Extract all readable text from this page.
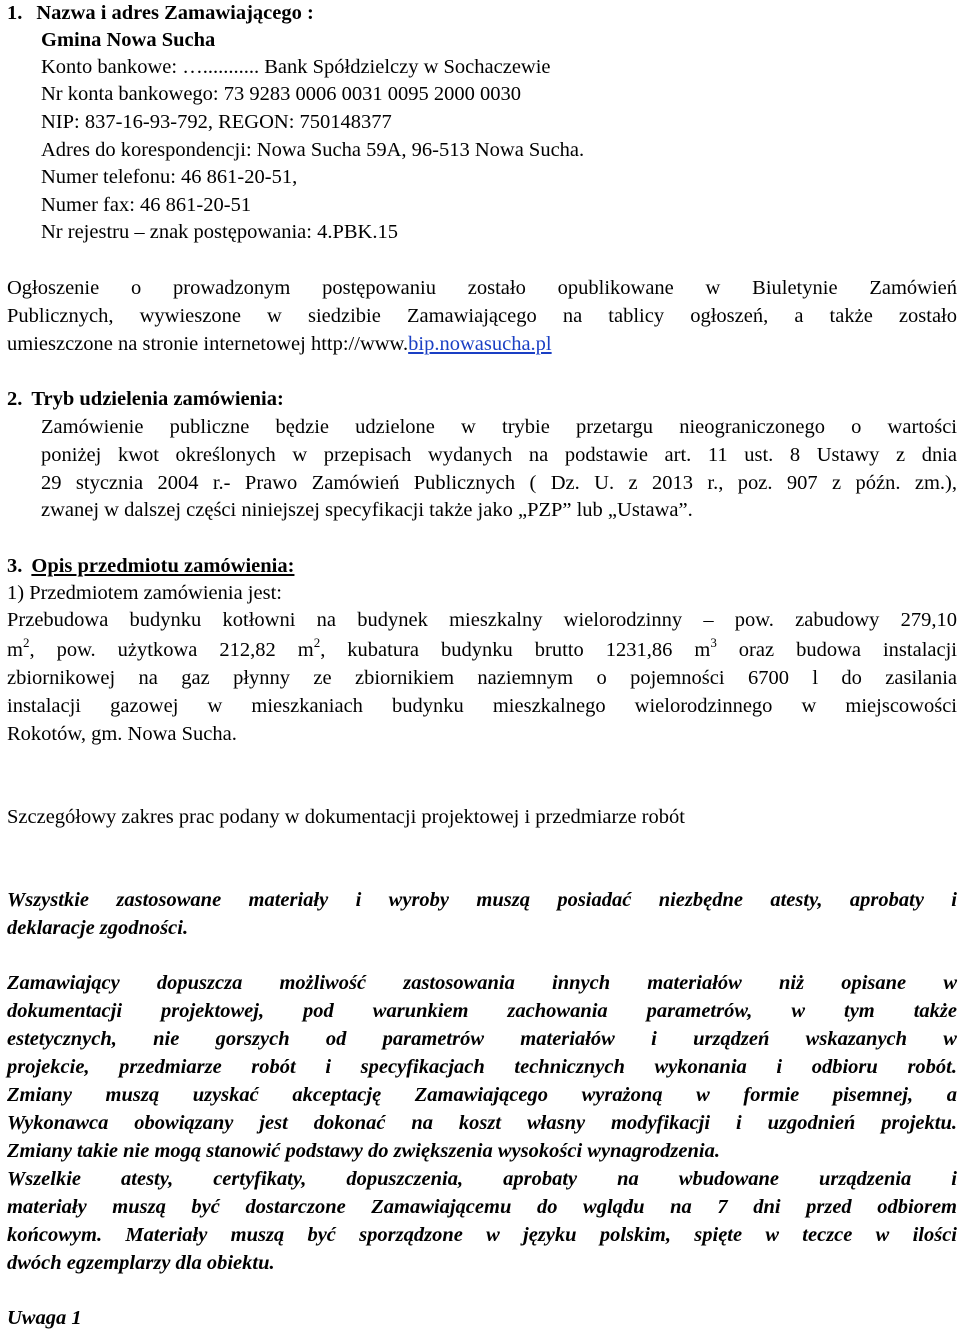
1. Nazwa i adres Zamawiającego :
Gmina Nowa Sucha
Konto bankowe: …........... Bank Spółdzielczy w Sochaczewie
Nr konta bankowego: 73 9283 0006 0031 0095 2000 0030
NIP: 837-16-93-792, REGON: 750148377
Adres do korespondencji: Nowa Sucha 59A, 96-513 Nowa Sucha.
Numer telefonu: 46 861-20-51,
Numer fax: 46 861-20-51
Nr rejestru – znak postępowania: 4.PBK.15
Ogłoszenie o prowadzonym postępowaniu zostało opublikowane w Biuletynie Zamówień
Publicznych, wywieszone w siedzibie Zamawiającego na tablicy ogłoszeń, a także zostało
umieszczone na stronie internetowej http://www.bip.nowasucha.pl
2. Tryb udzielenia zamówienia:
Zamówienie publiczne będzie udzielone w trybie przetargu nieograniczonego o wartości
poniżej kwot określonych w przepisach wydanych na podstawie art. 11 ust. 8 Ustawy z dnia
29 stycznia 2004 r.- Prawo Zamówień Publicznych ( Dz. U. z 2013 r., poz. 907 z późn. zm.),
zwanej w dalszej części niniejszej specyfikacji także jako „PZP” lub „Ustawa”.
3. Opis przedmiotu zamówienia:
1) Przedmiotem zamówienia jest:
Przebudowa budynku kotłowni na budynek mieszkalny wielorodzinny – pow. zabudowy 279,10
$m^2$, pow. użytkowa 212,82 $m^2$, kubatura budynku brutto 1231,86 $m^3$ oraz budowa instalacji
zbiornikowej na gaz płynny ze zbiornikiem naziemnym o pojemności 6700 l do zasilania
instalacji gazowej w mieszkaniach budynku mieszkalnego wielorodzinnego w miejscowości
Rokotów, gm. Nowa Sucha.
Szczegółowy zakres prac podany w dokumentacji projektowej i przedmiarze robót
Wszystkie zastosowane materiały i wyroby muszą posiadać niezbędne atesty, aprobaty i
deklaracje zgodności.
Zamawiający dopuszcza możliwość zastosowania innych materiałów niż opisane w
dokumentacji projektowej, pod warunkiem zachowania parametrów, w tym także
estetycznych, nie gorszych od parametrów materiałów i urządzeń wskazanych w
projekcie, przedmiarze robót i specyfikacjach technicznych wykonania i odbioru robót.
Zmiany muszą uzyskać akceptację Zamawiającego wyrażoną w formie pisemnej, a
Wykonawca obowiązany jest dokonać na koszt własny modyfikacji i uzgodnień projektu.
Zmiany takie nie mogą stanowić podstawy do zwiększenia wysokości wynagrodzenia.
Wszelkie atesty, certyfikaty, dopuszczenia, aprobaty na wbudowane urządzenia i
materiały muszą być dostarczone Zamawiającemu do wglądu na 7 dni przed odbiorem
końcowym. Materiały muszą być sporządzone w języku polskim, spięte w teczce w ilości
dwóch egzemplarzy dla obiektu.
Uwaga 1
